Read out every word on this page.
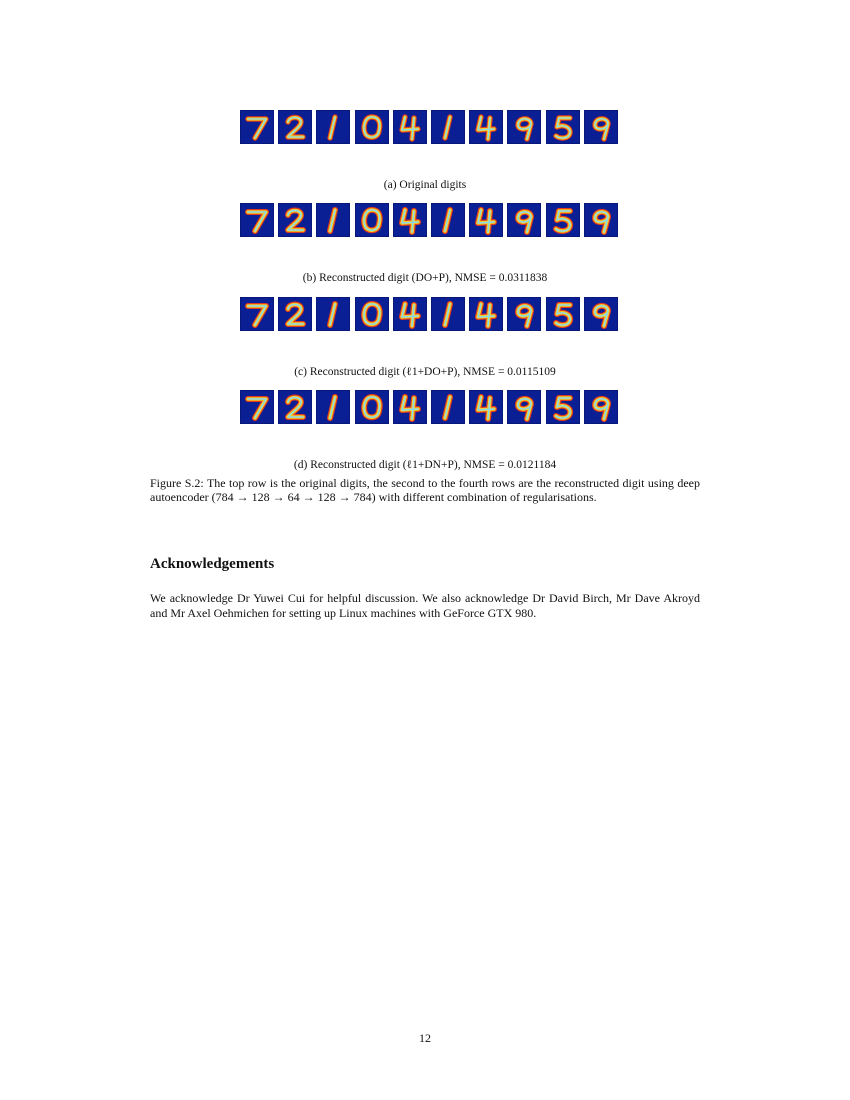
(a) Original digits
(b) Reconstructed digit (DO+P), NMSE = 0.0311838
(c) Reconstructed digit (ℓ1+DO+P), NMSE = 0.0115109
(d) Reconstructed digit (ℓ1+DN+P), NMSE = 0.0121184

Figure S.2: The top row is the original digits, the second to the fourth rows are the reconstructed digit using deep autoencoder (784 → 128 → 64 → 128 → 784) with different combination of regularisations.

Acknowledgements

We acknowledge Dr Yuwei Cui for helpful discussion. We also acknowledge Dr David Birch, Mr Dave Akroyd and Mr Axel Oehmichen for setting up Linux machines with GeForce GTX 980.

12
